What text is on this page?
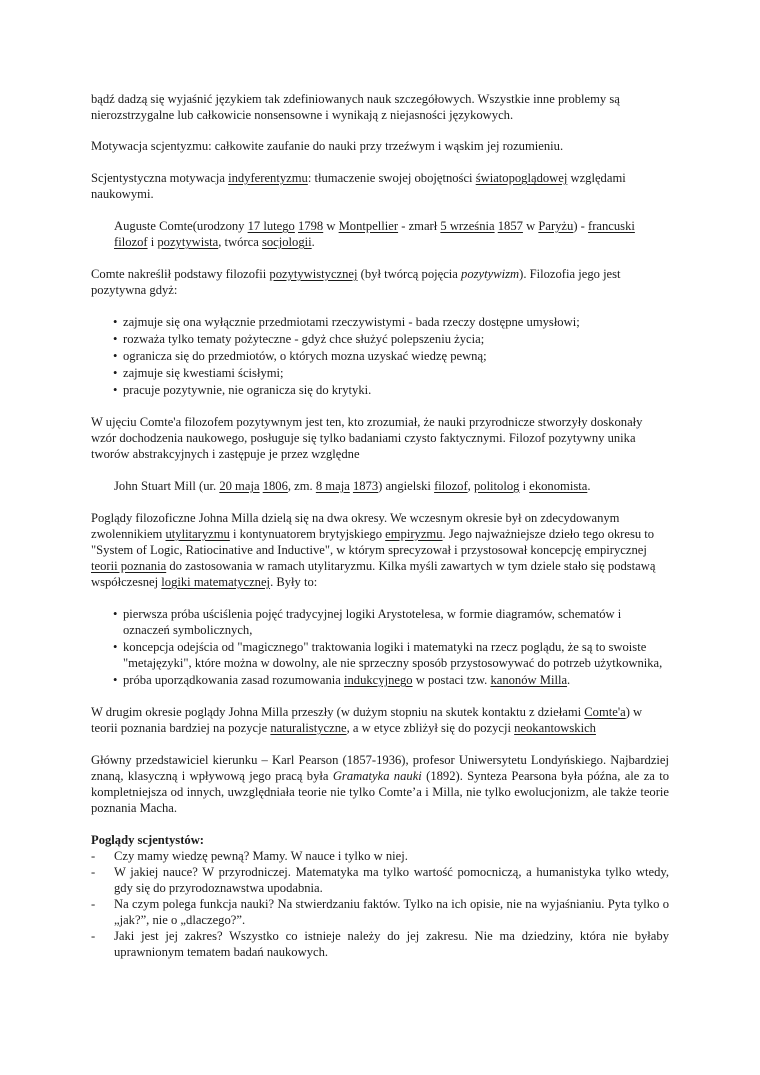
bądź dadzą się wyjaśnić językiem tak zdefiniowanych nauk szczegółowych. Wszystkie inne problemy są
nierozstrzygalne lub całkowicie nonsensowne i wynikają z niejasności językowych.

Motywacja scjentyzmu: całkowite zaufanie do nauki przy trzeźwym i wąskim jej rozumieniu.

Scjentystyczna motywacja indyferentyzmu: tłumaczenie swojej obojętności światopoglądowej względami naukowymi.

Auguste Comte(urodzony 17 lutego 1798 w Montpellier - zmarł 5 września 1857 w Paryżu) - francuski filozof i pozytywista, twórca socjologii.

Comte nakreślił podstawy filozofii pozytywistycznej (był twórcą pojęcia pozytywizm). Filozofia jego jest pozytywna gdyż:

• zajmuje się ona wyłącznie przedmiotami rzeczywistymi - bada rzeczy dostępne umysłowi;
• rozważa tylko tematy pożyteczne - gdyż chce służyć polepszeniu życia;
• ogranicza się do przedmiotów, o których mozna uzyskać wiedzę pewną;
• zajmuje się kwestiami ścisłymi;
• pracuje pozytywnie, nie ogranicza się do krytyki.

W ujęciu Comte'a filozofem pozytywnym jest ten, kto zrozumiał, że nauki przyrodnicze stworzyły doskonały
wzór dochodzenia naukowego, posługuje się tylko badaniami czysto faktycznymi. Filozof pozytywny unika
tworów abstrakcyjnych i zastępuje je przez względne

John Stuart Mill (ur. 20 maja 1806, zm. 8 maja 1873) angielski filozof, politolog i ekonomista.

Poglądy filozoficzne Johna Milla dzielą się na dwa okresy. We wczesnym okresie był on zdecydowanym zwolennikiem utylitaryzmu i kontynuatorem brytyjskiego empiryzmu. Jego najważniejsze dzieło tego okresu to "System of Logic, Ratiocinative and Inductive", w którym sprecyzował i przystosował koncepcję empirycznej teorii poznania do zastosowania w ramach utylitaryzmu. Kilka myśli zawartych w tym dziele stało się podstawą współczesnej logiki matematycznej. Były to:

• pierwsza próba uściślenia pojęć tradycyjnej logiki Arystotelesa, w formie diagramów, schematów i oznaczeń symbolicznych,
• koncepcja odejścia od "magicznego" traktowania logiki i matematyki na rzecz poglądu, że są to swoiste "metajęzyki", które można w dowolny, ale nie sprzeczny sposób przystosowywać do potrzeb użytkownika,
• próba uporządkowania zasad rozumowania indukcyjnego w postaci tzw. kanonów Milla.

W drugim okresie poglądy Johna Milla przeszły (w dużym stopniu na skutek kontaktu z dziełami Comte'a) w teorii poznania bardziej na pozycje naturalistyczne, a w etyce zbliżył się do pozycji neokantowskich

Główny przedstawiciel kierunku – Karl Pearson (1857-1936), profesor Uniwersytetu Londyńskiego. Najbardziej znaną, klasyczną i wpływową jego pracą była Gramatyka nauki (1892). Synteza Pearsona była późna, ale za to kompletniejsza od innych, uwzględniała teorie nie tylko Comte’a i Milla, nie tylko ewolucjonizm, ale także teorie poznania Macha.

Poglądy scjentystów:

- Czy mamy wiedzę pewną? Mamy. W nauce i tylko w niej.
- W jakiej nauce? W przyrodniczej. Matematyka ma tylko wartość pomocniczą, a humanistyka tylko wtedy, gdy się do przyrodoznawstwa upodabnia.
- Na czym polega funkcja nauki? Na stwierdzaniu faktów. Tylko na ich opisie, nie na wyjaśnianiu. Pyta tylko o „jak?”, nie o „dlaczego?”.
- Jaki jest jej zakres? Wszystko co istnieje należy do jej zakresu. Nie ma dziedziny, która nie byłaby uprawnionym tematem badań naukowych.
